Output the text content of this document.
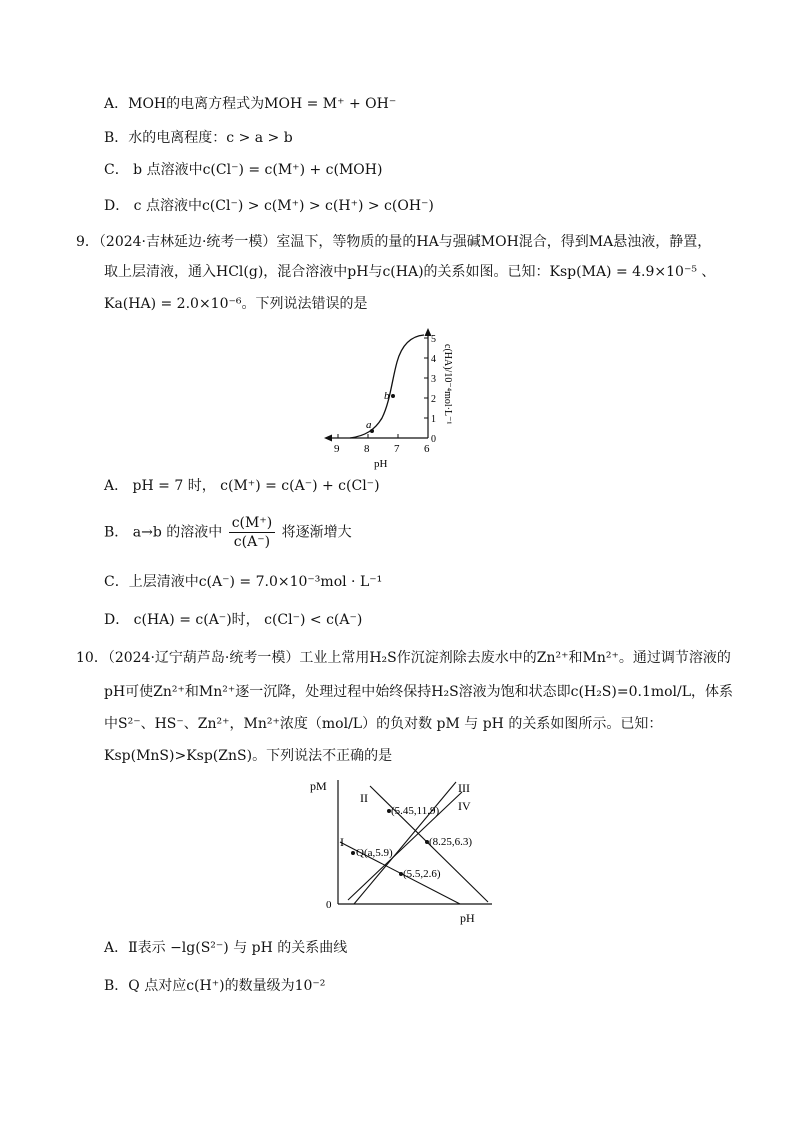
A．MOH的电离方程式为MOH = M⁺ + OH⁻
B．水的电离程度：c > a > b
C． b 点溶液中c(Cl⁻) = c(M⁺) + c(MOH)
D． c 点溶液中c(Cl⁻) > c(M⁺) > c(H⁺) > c(OH⁻)
9．（2024·吉林延边·统考一模）室温下，等物质的量的HA与强碱MOH混合，得到MA悬浊液，静置，
取上层清液，通入HCl(g)，混合溶液中pH与c(HA)的关系如图。已知：Ksp(MA) = 4.9×10⁻⁵ 、
Ka(HA) = 2.0×10⁻⁶。下列说法错误的是
9 8 7 6
pH
0
1
2
3
4
5
c(HA)/10⁻⁴mol·L⁻¹
a
b
A． pH = 7 时， c(M⁺) = c(A⁻) + c(Cl⁻)
B． a→b 的溶液中 $\frac{c(M^+)}{c(A^-)}$ 将逐渐增大
C．上层清液中c(A⁻) = 7.0×10⁻³mol · L⁻¹
D． c(HA) = c(A⁻)时， c(Cl⁻) < c(A⁻)
10．（2024·辽宁葫芦岛·统考一模）工业上常用H₂S作沉淀剂除去废水中的Zn²⁺和Mn²⁺。通过调节溶液的
pH可使Zn²⁺和Mn²⁺逐一沉降，处理过程中始终保持H₂S溶液为饱和状态即c(H₂S)=0.1mol/L，体系
中S²⁻、HS⁻、Zn²⁺，Mn²⁺浓度（mol/L）的负对数 pM 与 pH 的关系如图所示。已知：
Ksp(MnS)>Ksp(ZnS)。下列说法不正确的是
pM
0
pH
I
II
III
IV
(5.45,11.9)
(8.25,6.3)
Q(a,5.9)
(5.5,2.6)
A．Ⅱ表示 −lg(S²⁻) 与 pH 的关系曲线
B．Q 点对应c(H⁺)的数量级为10⁻²
